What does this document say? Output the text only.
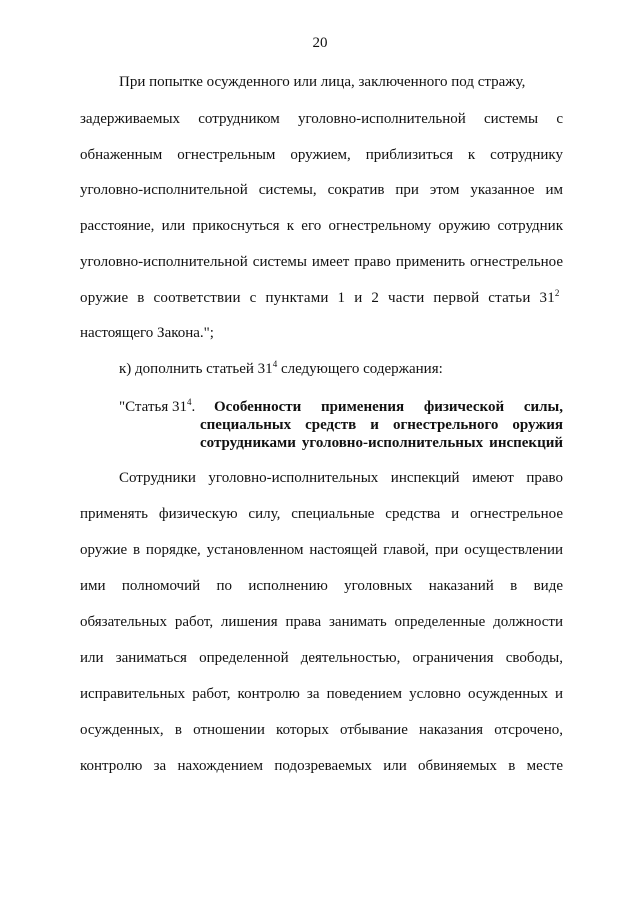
20
При попытке осужденного или лица, заключенного под стражу,
задерживаемых сотрудником уголовно-исполнительной системы с
обнаженным огнестрельным оружием, приблизиться к сотруднику
уголовно-исполнительной системы, сократив при этом указанное им
расстояние, или прикоснуться к его огнестрельному оружию сотрудник
уголовно-исполнительной системы имеет право применить огнестрельное
оружие в соответствии с пунктами 1 и 2 части первой статьи $31^2$
настоящего Закона.";
к) дополнить статьей $31^4$ следующего содержания:
"Статья $31^4$. Особенности применения физической силы,
специальных средств и огнестрельного оружия
сотрудниками уголовно-исполнительных инспекций
Сотрудники уголовно-исполнительных инспекций имеют право
применять физическую силу, специальные средства и огнестрельное
оружие в порядке, установленном настоящей главой, при осуществлении
ими полномочий по исполнению уголовных наказаний в виде
обязательных работ, лишения права занимать определенные должности
или заниматься определенной деятельностью, ограничения свободы,
исправительных работ, контролю за поведением условно осужденных и
осужденных, в отношении которых отбывание наказания отсрочено,
контролю за нахождением подозреваемых или обвиняемых в месте
